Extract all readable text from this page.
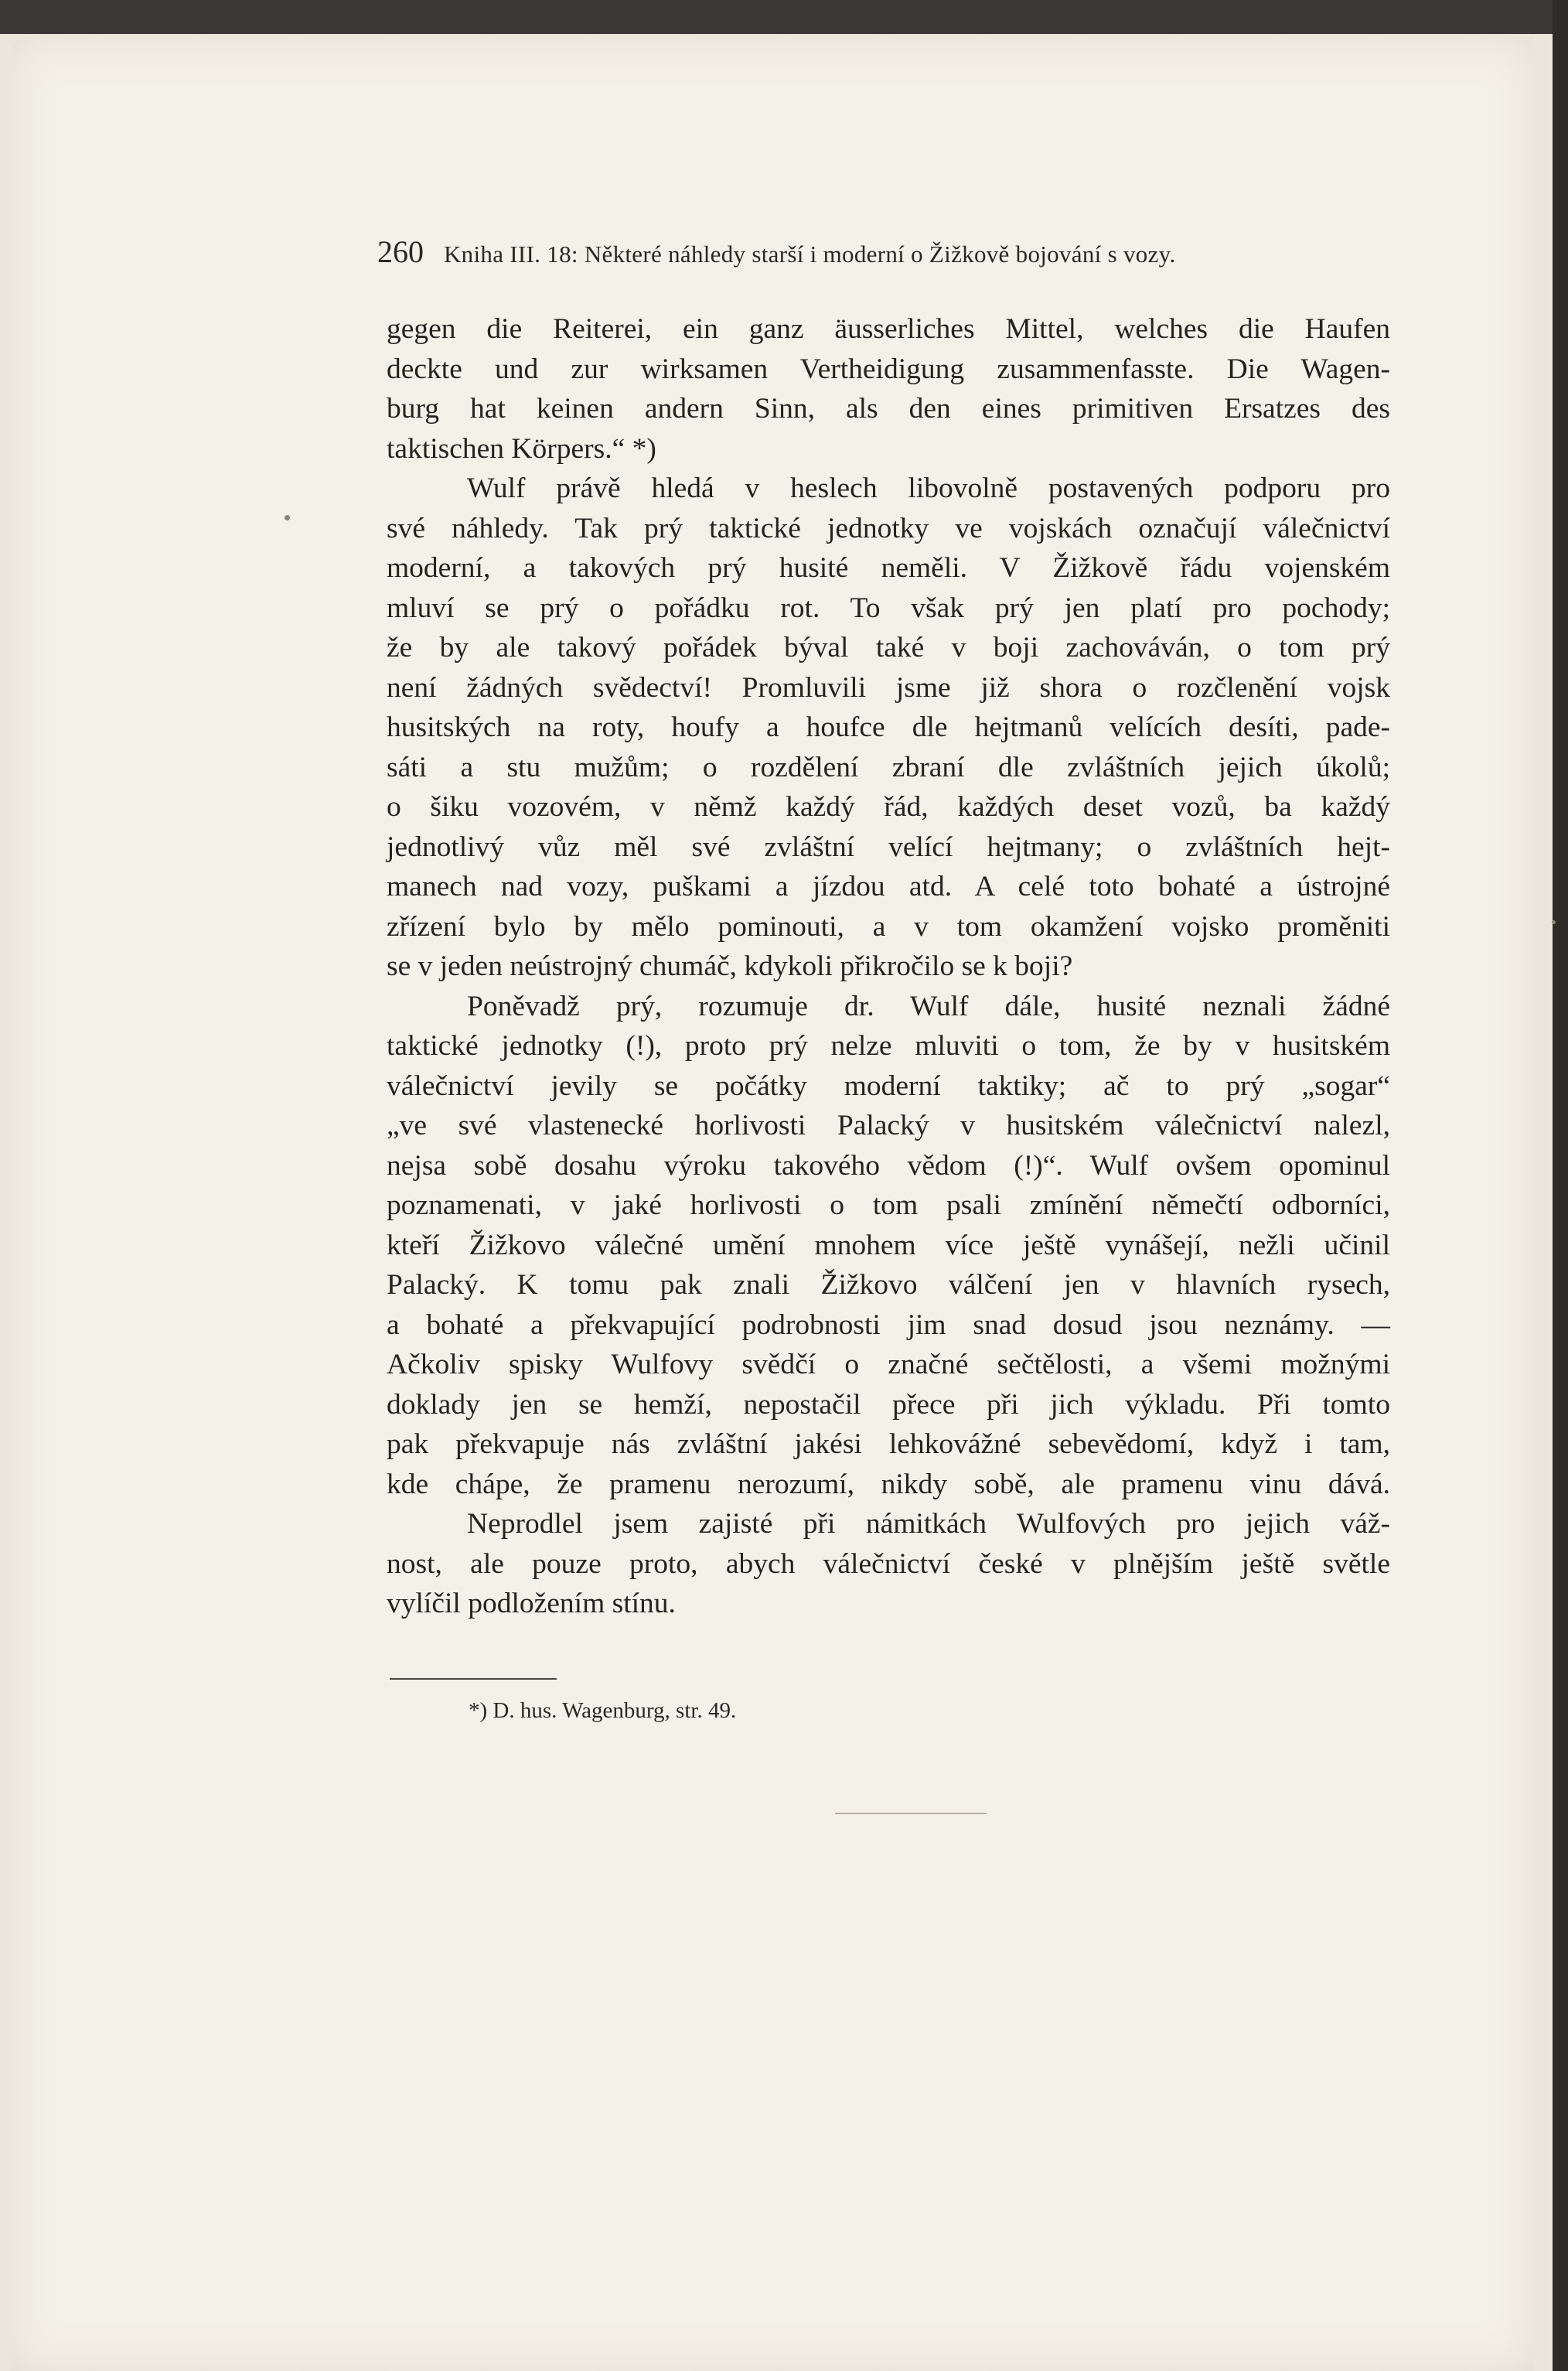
260 Kniha III. 18: Některé náhledy starší i moderní o Žižkově bojování s vozy.
gegen die Reiterei, ein ganz äusserliches Mittel, welches die Haufen
deckte und zur wirksamen Vertheidigung zusammenfasste. Die Wagen-
burg hat keinen andern Sinn, als den eines primitiven Ersatzes des
taktischen Körpers.“ *)
Wulf právě hledá v heslech libovolně postavených podporu pro
své náhledy. Tak prý taktické jednotky ve vojskách označují válečnictví
moderní, a takových prý husité neměli. V Žižkově řádu vojenském
mluví se prý o pořádku rot. To však prý jen platí pro pochody;
že by ale takový pořádek býval také v boji zachováván, o tom prý
není žádných svědectví! Promluvili jsme již shora o rozčlenění vojsk
husitských na roty, houfy a houfce dle hejtmanů velících desíti, pade-
sáti a stu mužům; o rozdělení zbraní dle zvláštních jejich úkolů;
o šiku vozovém, v němž každý řád, každých deset vozů, ba každý
jednotlivý vůz měl své zvláštní velící hejtmany; o zvláštních hejt-
manech nad vozy, puškami a jízdou atd. A celé toto bohaté a ústrojné
zřízení bylo by mělo pominouti, a v tom okamžení vojsko proměniti
se v jeden neústrojný chumáč, kdykoli přikročilo se k boji?
Poněvadž prý, rozumuje dr. Wulf dále, husité neznali žádné
taktické jednotky (!), proto prý nelze mluviti o tom, že by v husitském
válečnictví jevily se počátky moderní taktiky; ač to prý „sogar“
„ve své vlastenecké horlivosti Palacký v husitském válečnictví nalezl,
nejsa sobě dosahu výroku takového vědom (!)“. Wulf ovšem opominul
poznamenati, v jaké horlivosti o tom psali zmínění němečtí odborníci,
kteří Žižkovo válečné umění mnohem více ještě vynášejí, nežli učinil
Palacký. K tomu pak znali Žižkovo válčení jen v hlavních rysech,
a bohaté a překvapující podrobnosti jim snad dosud jsou neznámy. —
Ačkoliv spisky Wulfovy svědčí o značné sečtělosti, a všemi možnými
doklady jen se hemží, nepostačil přece při jich výkladu. Při tomto
pak překvapuje nás zvláštní jakési lehkovážné sebevědomí, když i tam,
kde chápe, že pramenu nerozumí, nikdy sobě, ale pramenu vinu dává.
Neprodlel jsem zajisté při námitkách Wulfových pro jejich váž-
nost, ale pouze proto, abych válečnictví české v plnějším ještě světle
vylíčil podložením stínu.
*) D. hus. Wagenburg, str. 49.
